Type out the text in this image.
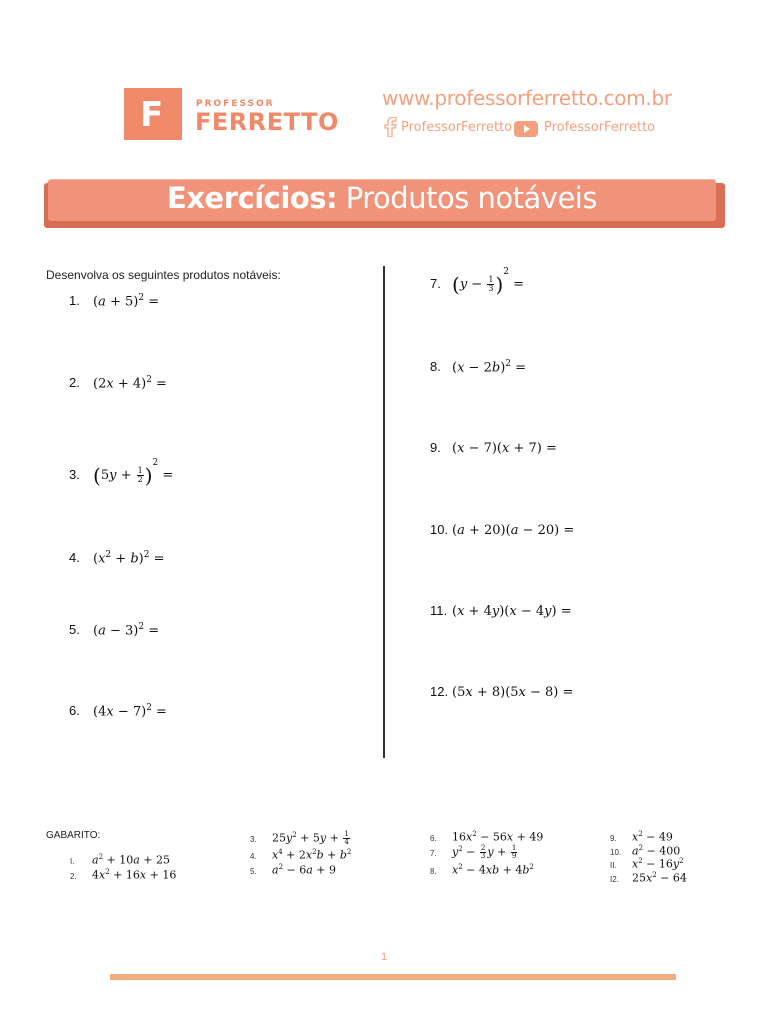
F	PROFESSOR
FERRETTO
www.professorferretto.com.br
ProfessorFerretto ProfessorFerretto
Exercícios: Produtos notáveis
Desenvolva os seguintes produtos notáveis:
1. $(a + 5)^2$ =
2. $(2x + 4)^2$ =
3. $(5y + \frac{1}{2} )^2$ =
4. $(x^2 + b)^2$ =
5. $(a - 3)^2$ =
6. $(4x - 7)^2$ =
7. $(y - \frac{1}{3} )^2$ =
8. $(x - 2b)^2$ =
9. (x − 7)(x + 7) =
10. (a + 20)(a − 20) =
11. (x + 4y)(x − 4y) =
12. (5x + 8)(5x − 8) =
GABARITO:
I. $a^2 + 10a + 25$
2. $4x^2 + 16x + 16$
3. $25y^2 + 5y + \frac{1}{4}$
4. $x^4 + 2x^2b + b^2$
5. $a^2 - 6a + 9$
6. $16x^2 - 56x + 49$
7. $y^2 - \frac{2}{3}$ $y + \frac{1}{9}$
8. $x^2 - 4xb + 4b^2$
9. $x^2 - 49$
10. $a^2 - 400$
II. $x^2 - 16y^2$
I2. $25x^2 - 64$
1
